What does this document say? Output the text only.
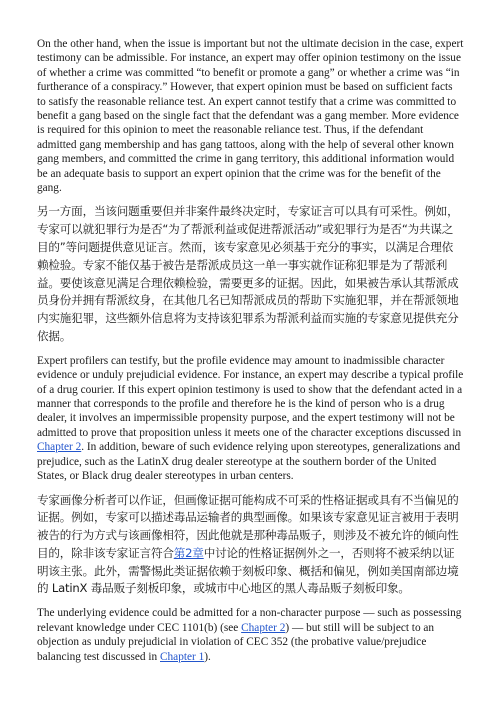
On the other hand, when the issue is important but not the ultimate decision in the case, expert testimony can be admissible. For instance, an expert may offer opinion testimony on the issue of whether a crime was committed “to benefit or promote a gang” or whether a crime was “in furtherance of a conspiracy.” However, that expert opinion must be based on sufficient facts to satisfy the reasonable reliance test. An expert cannot testify that a crime was committed to benefit a gang based on the single fact that the defendant was a gang member. More evidence is required for this opinion to meet the reasonable reliance test. Thus, if the defendant admitted gang membership and has gang tattoos, along with the help of several other known gang members, and committed the crime in gang territory, this additional information would be an adequate basis to support an expert opinion that the crime was for the benefit of the gang.

另一方面，当该问题重要但并非案件最终决定时，专家证言可以具有可采性。例如，专家可以就犯罪行为是否“为了帮派利益或促进帮派活动”或犯罪行为是否“为共谋之目的”等问题提供意见证言。然而，该专家意见必须基于充分的事实，以满足合理依赖检验。专家不能仅基于被告是帮派成员这一单一事实就作证称犯罪是为了帮派利益。要使该意见满足合理依赖检验，需要更多的证据。因此，如果被告承认其帮派成员身份并拥有帮派纹身，在其他几名已知帮派成员的帮助下实施犯罪，并在帮派领地内实施犯罪，这些额外信息将为支持该犯罪系为帮派利益而实施的专家意见提供充分依据。

Expert profilers can testify, but the profile evidence may amount to inadmissible character evidence or unduly prejudicial evidence. For instance, an expert may describe a typical profile of a drug courier. If this expert opinion testimony is used to show that the defendant acted in a manner that corresponds to the profile and therefore he is the kind of person who is a drug dealer, it involves an impermissible propensity purpose, and the expert testimony will not be admitted to prove that proposition unless it meets one of the character exceptions discussed in Chapter 2. In addition, beware of such evidence relying upon stereotypes, generalizations and prejudice, such as the LatinX drug dealer stereotype at the southern border of the United States, or Black drug dealer stereotypes in urban centers.

专家画像分析者可以作证，但画像证据可能构成不可采的性格证据或具有不当偏见的证据。例如，专家可以描述毒品运输者的典型画像。如果该专家意见证言被用于表明被告的行为方式与该画像相符，因此他就是那种毒品贩子，则涉及不被允许的倾向性目的，除非该专家证言符合第2章中讨论的性格证据例外之一，否则将不被采纳以证明该主张。此外，需警惕此类证据依赖于刻板印象、概括和偏见，例如美国南部边境的 LatinX 毒品贩子刻板印象，或城市中心地区的黑人毒品贩子刻板印象。

The underlying evidence could be admitted for a non-character purpose — such as possessing relevant knowledge under CEC 1101(b) (see Chapter 2) — but still will be subject to an objection as unduly prejudicial in violation of CEC 352 (the probative value/prejudice balancing test discussed in Chapter 1).
